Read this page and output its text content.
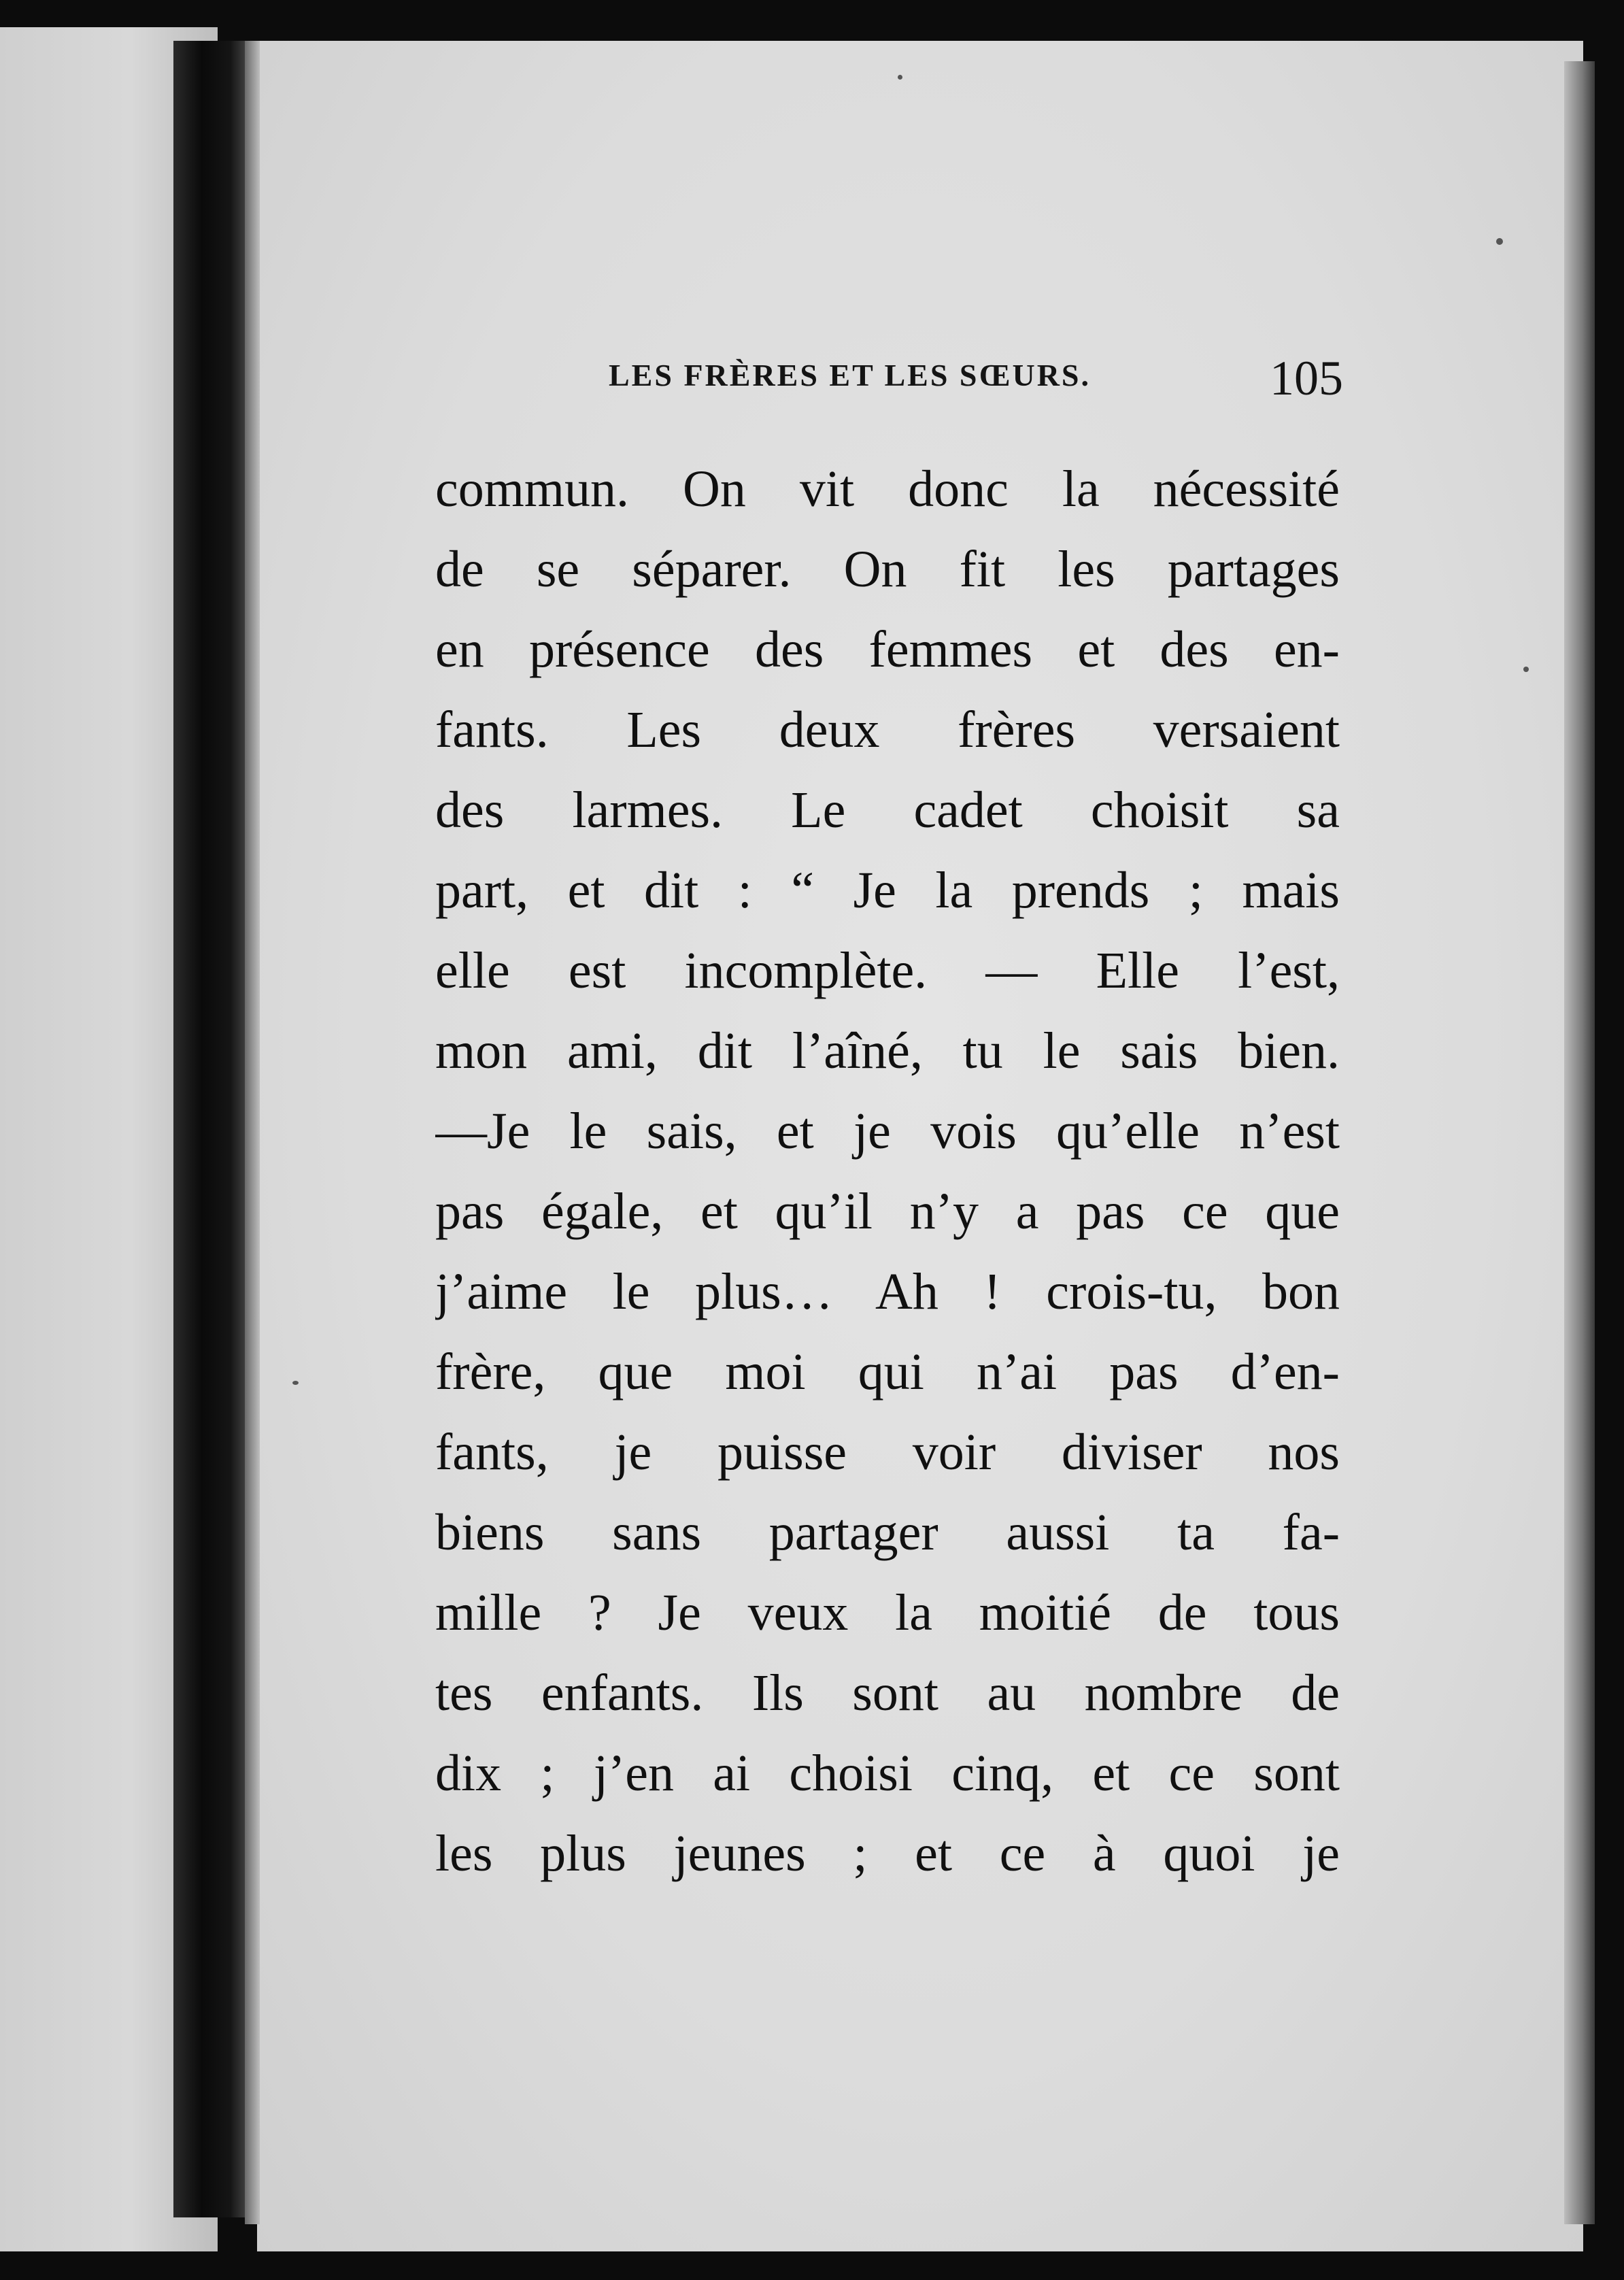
LES FRÈRES ET LES SŒURS.	105
commun. On vit donc la nécessité
de se séparer. On fit les partages
en présence des femmes et des en-
fants. Les deux frères versaient
des larmes. Le cadet choisit sa
part, et dit : “ Je la prends ; mais
elle est incomplète. — Elle l’est,
mon ami, dit l’aîné, tu le sais bien.
—Je le sais, et je vois qu’elle n’est
pas égale, et qu’il n’y a pas ce que
j’aime le plus… Ah ! crois-tu, bon
frère, que moi qui n’ai pas d’en-
fants, je puisse voir diviser nos
biens sans partager aussi ta fa-
mille ? Je veux la moitié de tous
tes enfants. Ils sont au nombre de
dix ; j’en ai choisi cinq, et ce sont
les plus jeunes ; et ce à quoi je
